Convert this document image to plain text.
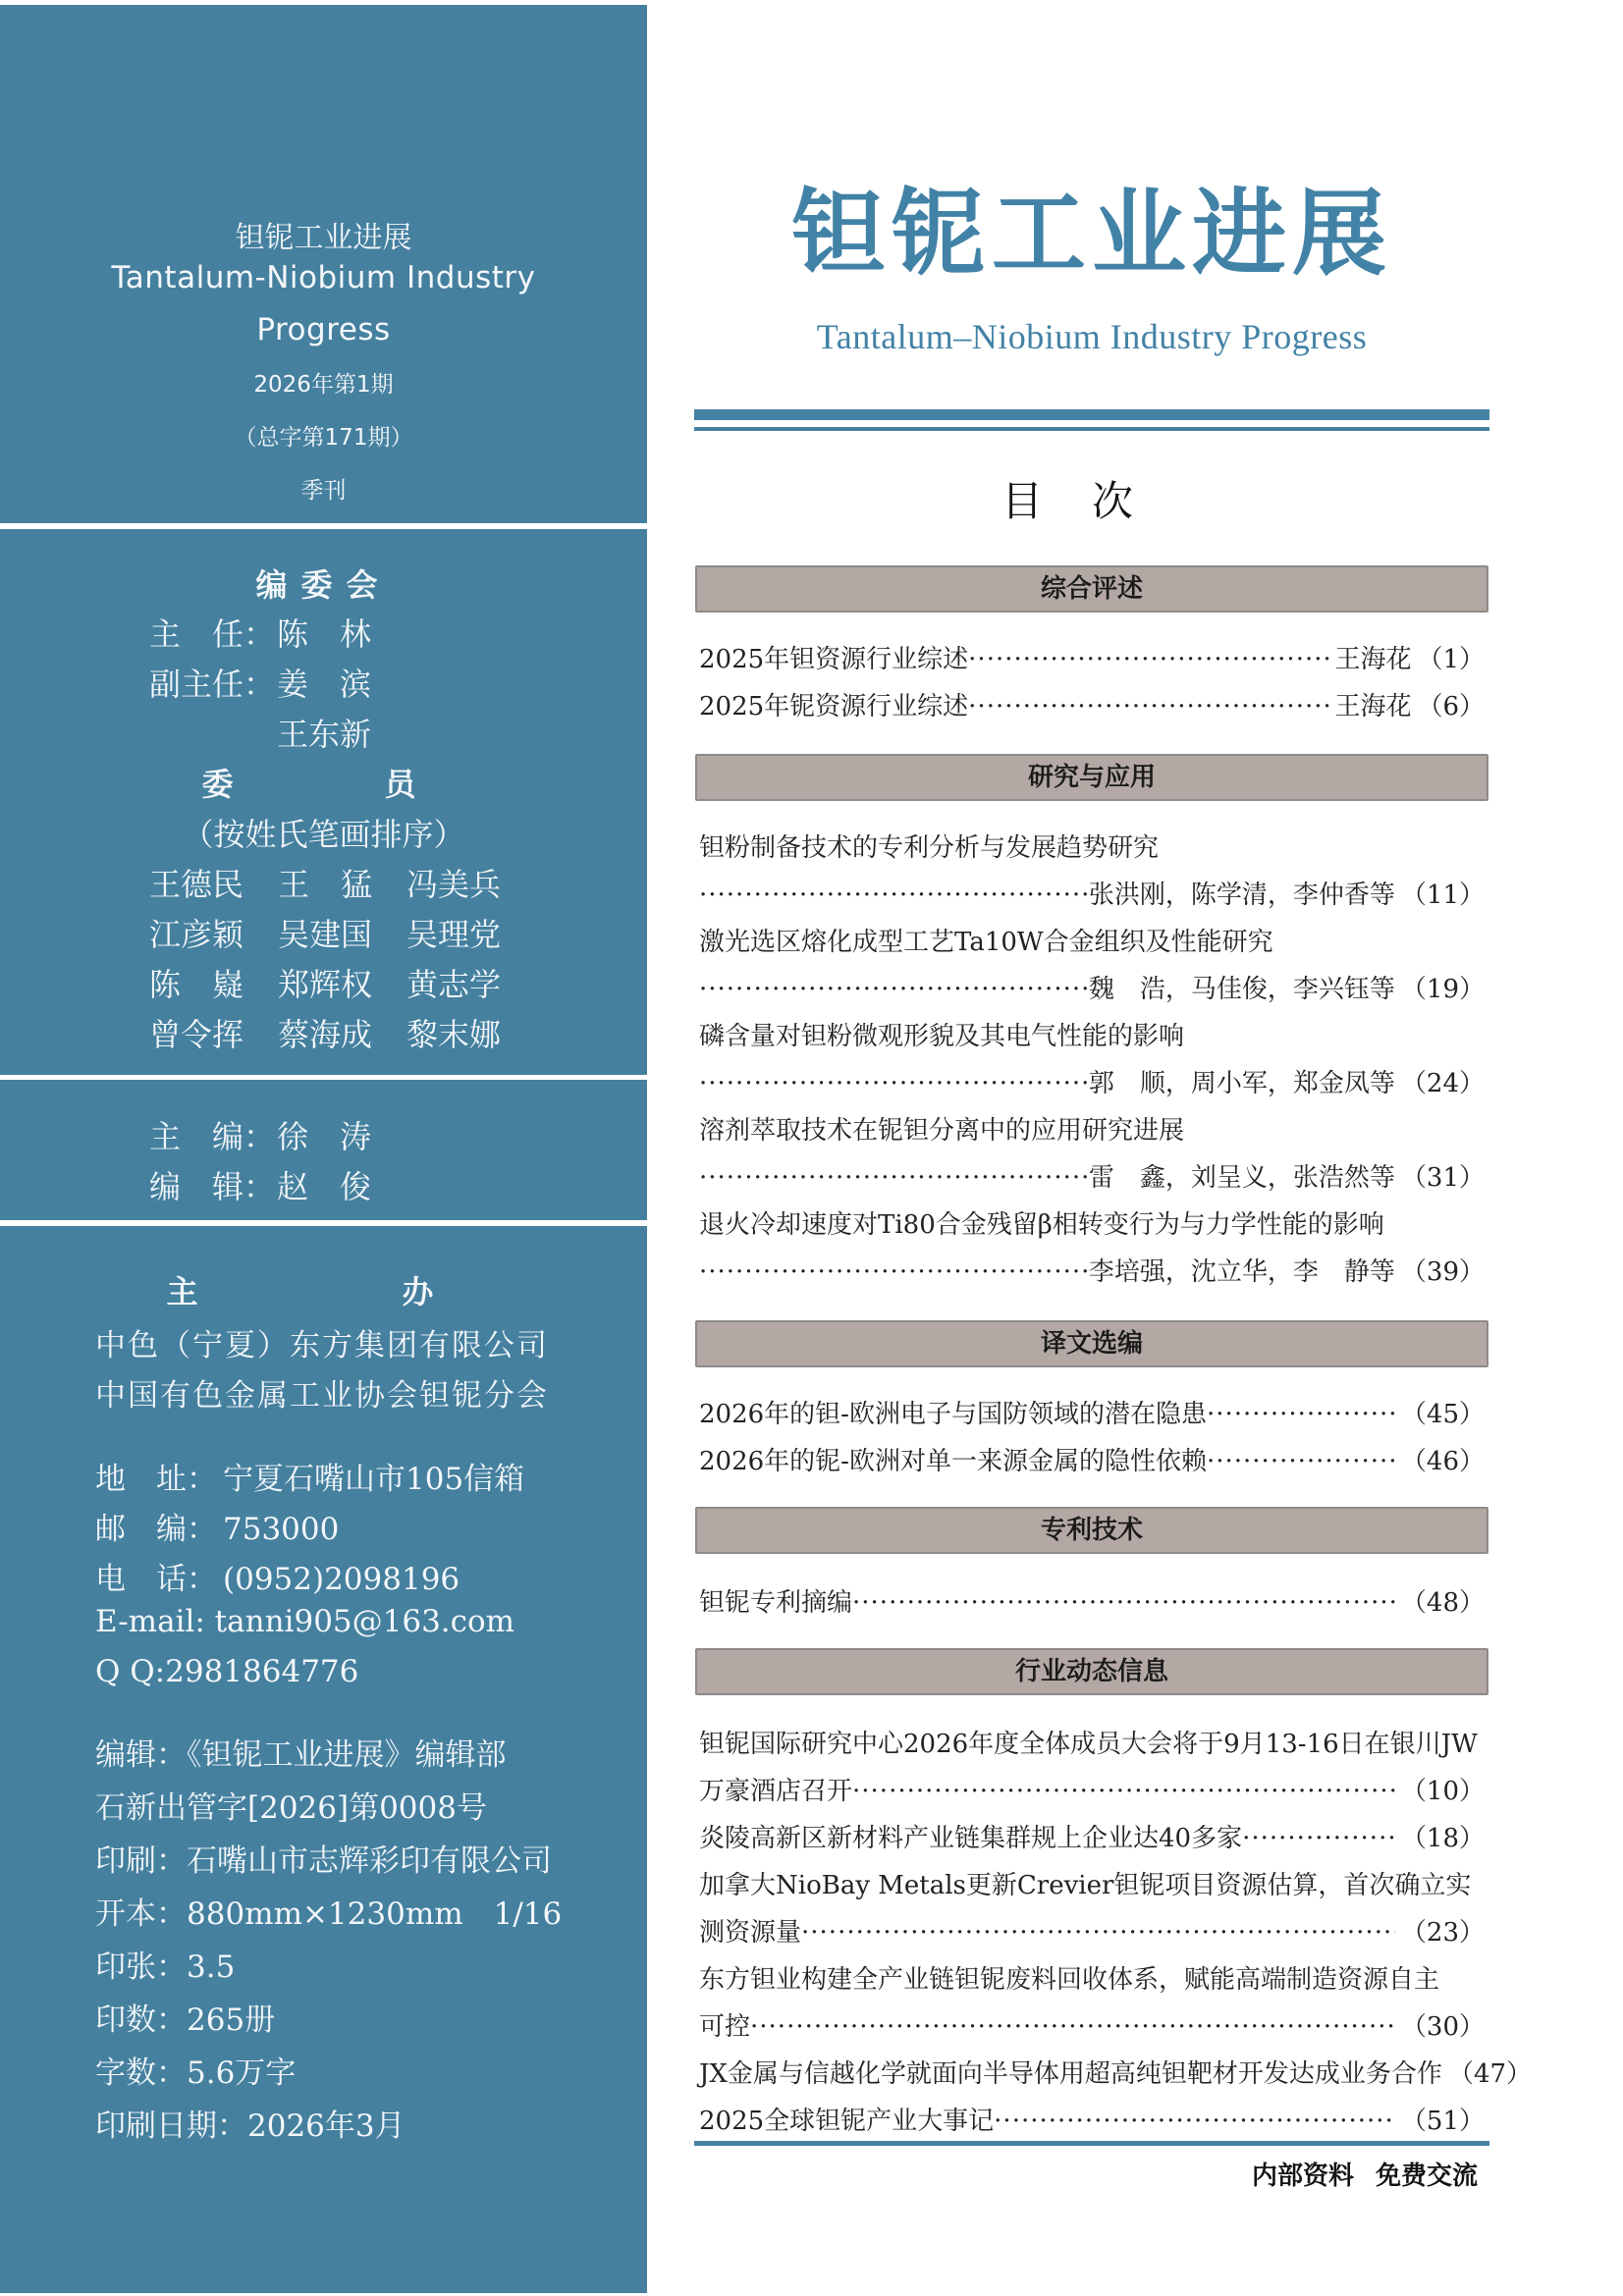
钽铌工业进展
Tantalum-Niobium Industry
Progress
2026年第1期
（总字第171期）
季刊
编委会
主　任：陈　林
副主任：姜　滨
王东新
委　　员
（按姓氏笔画排序）
王德民 王　猛 冯美兵
江彦颖 吴建国 吴理党
陈　嶷 郑辉权 黄志学
曾令挥 蔡海成 黎末娜
主　编：徐　涛
编　辑：赵　俊
主　　办
中色（宁夏）东方集团有限公司
中国有色金属工业协会钽铌分会
地　址： 宁夏石嘴山市105信箱
邮　编： 753000
电　话： (0952)2098196
E-mail: tanni905@163.com
Q Q:2981864776
编辑：《钽铌工业进展》编辑部
石新出管字[2026]第0008号
印刷：石嘴山市志辉彩印有限公司
开本：880mm×1230mm　1/16
印张：3.5
印数：265册
字数：5.6万字
印刷日期：2026年3月
钽铌工业进展
Tantalum–Niobium Industry Progress
目次
综合评述
2025年钽资源行业综述 ·····	王海花 （1）
2025年铌资源行业综述 ·····	王海花 （6）
研究与应用
钽粉制备技术的专利分析与发展趋势研究
·····
张洪刚，陈学清，李仲香等 （11）
激光选区熔化成型工艺Ta10W合金组织及性能研究
·····
魏　浩，马佳俊，李兴钰等 （19）
磷含量对钽粉微观形貌及其电气性能的影响
·····
郭　顺，周小军，郑金凤等 （24）
溶剂萃取技术在铌钽分离中的应用研究进展
·····
雷　鑫，刘呈义，张浩然等 （31）
退火冷却速度对Ti80合金残留β相转变行为与力学性能的影响
·····
李培强，沈立华，李　静等 （39）
译文选编
2026年的钽-欧洲电子与国防领域的潜在隐患 ·····	（45）
2026年的铌-欧洲对单一来源金属的隐性依赖 ·····	（46）
专利技术
钽铌专利摘编 ·····	（48）
行业动态信息
钽铌国际研究中心2026年度全体成员大会将于9月13-16日在银川JW
万豪酒店召开 ·····	（10）
炎陵高新区新材料产业链集群规上企业达40多家 ·····	（18）
加拿大NioBay Metals更新Crevier钽铌项目资源估算，首次确立实
测资源量 ·····	（23）
东方钽业构建全产业链钽铌废料回收体系，赋能高端制造资源自主
可控 ·····	（30）
JX金属与信越化学就面向半导体用超高纯钽靶材开发达成业务合作 （47）
2025全球钽铌产业大事记 ·····	（51）
内部资料 免费交流
